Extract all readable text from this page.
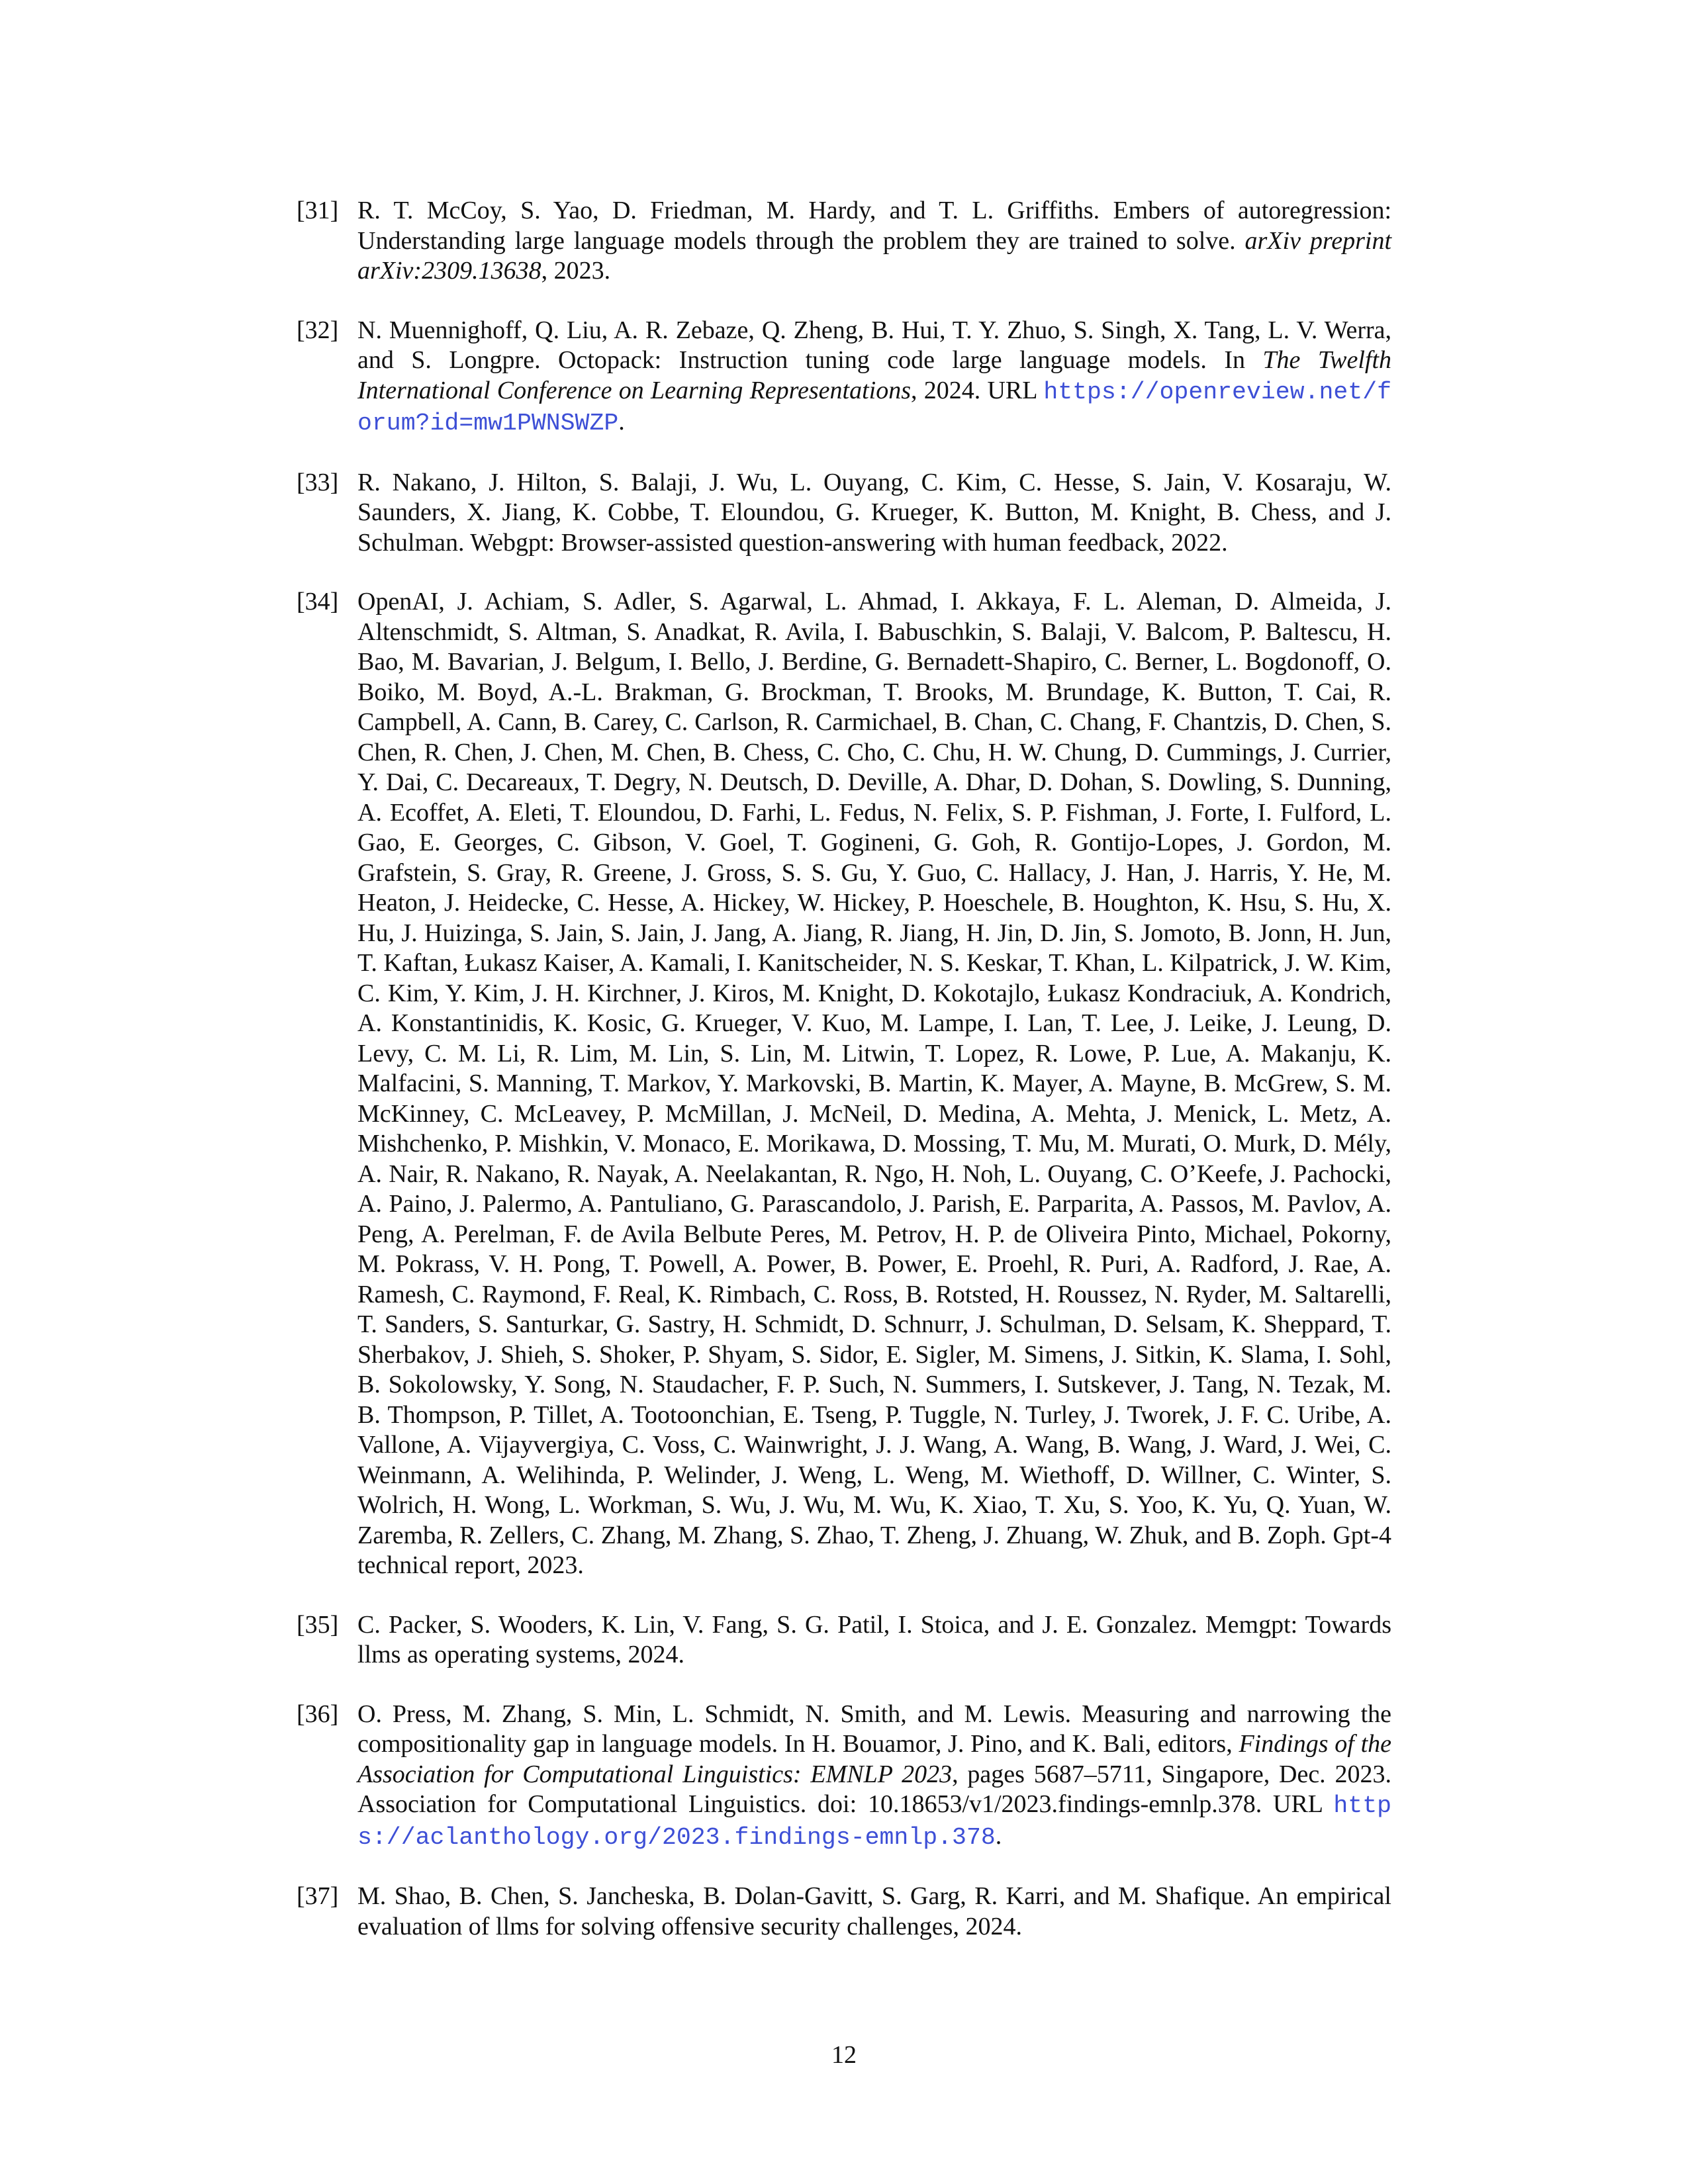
[31] R. T. McCoy, S. Yao, D. Friedman, M. Hardy, and T. L. Griffiths. Embers of autoregression: Understanding large language models through the problem they are trained to solve. arXiv preprint arXiv:2309.13638, 2023.
[32] N. Muennighoff, Q. Liu, A. R. Zebaze, Q. Zheng, B. Hui, T. Y. Zhuo, S. Singh, X. Tang, L. V. Werra, and S. Longpre. Octopack: Instruction tuning code large language models. In The Twelfth International Conference on Learning Representations, 2024. URL https://openreview.net/forum?id=mw1PWNSWZP.
[33] R. Nakano, J. Hilton, S. Balaji, J. Wu, L. Ouyang, C. Kim, C. Hesse, S. Jain, V. Kosaraju, W. Saunders, X. Jiang, K. Cobbe, T. Eloundou, G. Krueger, K. Button, M. Knight, B. Chess, and J. Schulman. Webgpt: Browser-assisted question-answering with human feedback, 2022.
[34] OpenAI, J. Achiam, S. Adler, S. Agarwal, L. Ahmad, I. Akkaya, F. L. Aleman, D. Almeida, J. Altenschmidt, S. Altman, S. Anadkat, R. Avila, I. Babuschkin, S. Balaji, V. Balcom, P. Baltescu, H. Bao, M. Bavarian, J. Belgum, I. Bello, J. Berdine, G. Bernadett-Shapiro, C. Berner, L. Bogdonoff, O. Boiko, M. Boyd, A.-L. Brakman, G. Brockman, T. Brooks, M. Brundage, K. Button, T. Cai, R. Campbell, A. Cann, B. Carey, C. Carlson, R. Carmichael, B. Chan, C. Chang, F. Chantzis, D. Chen, S. Chen, R. Chen, J. Chen, M. Chen, B. Chess, C. Cho, C. Chu, H. W. Chung, D. Cummings, J. Currier, Y. Dai, C. Decareaux, T. Degry, N. Deutsch, D. Deville, A. Dhar, D. Dohan, S. Dowling, S. Dunning, A. Ecoffet, A. Eleti, T. Eloundou, D. Farhi, L. Fedus, N. Felix, S. P. Fishman, J. Forte, I. Fulford, L. Gao, E. Georges, C. Gibson, V. Goel, T. Gogineni, G. Goh, R. Gontijo-Lopes, J. Gordon, M. Grafstein, S. Gray, R. Greene, J. Gross, S. S. Gu, Y. Guo, C. Hallacy, J. Han, J. Harris, Y. He, M. Heaton, J. Heidecke, C. Hesse, A. Hickey, W. Hickey, P. Hoeschele, B. Houghton, K. Hsu, S. Hu, X. Hu, J. Huizinga, S. Jain, S. Jain, J. Jang, A. Jiang, R. Jiang, H. Jin, D. Jin, S. Jomoto, B. Jonn, H. Jun, T. Kaftan, Łukasz Kaiser, A. Kamali, I. Kanitscheider, N. S. Keskar, T. Khan, L. Kilpatrick, J. W. Kim, C. Kim, Y. Kim, J. H. Kirchner, J. Kiros, M. Knight, D. Kokotajlo, Łukasz Kondraciuk, A. Kondrich, A. Konstantinidis, K. Kosic, G. Krueger, V. Kuo, M. Lampe, I. Lan, T. Lee, J. Leike, J. Leung, D. Levy, C. M. Li, R. Lim, M. Lin, S. Lin, M. Litwin, T. Lopez, R. Lowe, P. Lue, A. Makanju, K. Malfacini, S. Manning, T. Markov, Y. Markovski, B. Martin, K. Mayer, A. Mayne, B. McGrew, S. M. McKinney, C. McLeavey, P. McMillan, J. McNeil, D. Medina, A. Mehta, J. Menick, L. Metz, A. Mishchenko, P. Mishkin, V. Monaco, E. Morikawa, D. Mossing, T. Mu, M. Murati, O. Murk, D. Mély, A. Nair, R. Nakano, R. Nayak, A. Neelakantan, R. Ngo, H. Noh, L. Ouyang, C. O’Keefe, J. Pachocki, A. Paino, J. Palermo, A. Pantuliano, G. Parascandolo, J. Parish, E. Parparita, A. Passos, M. Pavlov, A. Peng, A. Perelman, F. de Avila Belbute Peres, M. Petrov, H. P. de Oliveira Pinto, Michael, Pokorny, M. Pokrass, V. H. Pong, T. Powell, A. Power, B. Power, E. Proehl, R. Puri, A. Radford, J. Rae, A. Ramesh, C. Raymond, F. Real, K. Rimbach, C. Ross, B. Rotsted, H. Roussez, N. Ryder, M. Saltarelli, T. Sanders, S. Santurkar, G. Sastry, H. Schmidt, D. Schnurr, J. Schulman, D. Selsam, K. Sheppard, T. Sherbakov, J. Shieh, S. Shoker, P. Shyam, S. Sidor, E. Sigler, M. Simens, J. Sitkin, K. Slama, I. Sohl, B. Sokolowsky, Y. Song, N. Staudacher, F. P. Such, N. Summers, I. Sutskever, J. Tang, N. Tezak, M. B. Thompson, P. Tillet, A. Tootoonchian, E. Tseng, P. Tuggle, N. Turley, J. Tworek, J. F. C. Uribe, A. Vallone, A. Vijayvergiya, C. Voss, C. Wainwright, J. J. Wang, A. Wang, B. Wang, J. Ward, J. Wei, C. Weinmann, A. Welihinda, P. Welinder, J. Weng, L. Weng, M. Wiethoff, D. Willner, C. Winter, S. Wolrich, H. Wong, L. Workman, S. Wu, J. Wu, M. Wu, K. Xiao, T. Xu, S. Yoo, K. Yu, Q. Yuan, W. Zaremba, R. Zellers, C. Zhang, M. Zhang, S. Zhao, T. Zheng, J. Zhuang, W. Zhuk, and B. Zoph. Gpt-4 technical report, 2023.
[35] C. Packer, S. Wooders, K. Lin, V. Fang, S. G. Patil, I. Stoica, and J. E. Gonzalez. Memgpt: Towards llms as operating systems, 2024.
[36] O. Press, M. Zhang, S. Min, L. Schmidt, N. Smith, and M. Lewis. Measuring and narrowing the compositionality gap in language models. In H. Bouamor, J. Pino, and K. Bali, editors, Findings of the Association for Computational Linguistics: EMNLP 2023, pages 5687–5711, Singapore, Dec. 2023. Association for Computational Linguistics. doi: 10.18653/v1/2023.findings-emnlp.378. URL https://aclanthology.org/2023.findings-emnlp.378.
[37] M. Shao, B. Chen, S. Jancheska, B. Dolan-Gavitt, S. Garg, R. Karri, and M. Shafique. An empirical evaluation of llms for solving offensive security challenges, 2024.
12
